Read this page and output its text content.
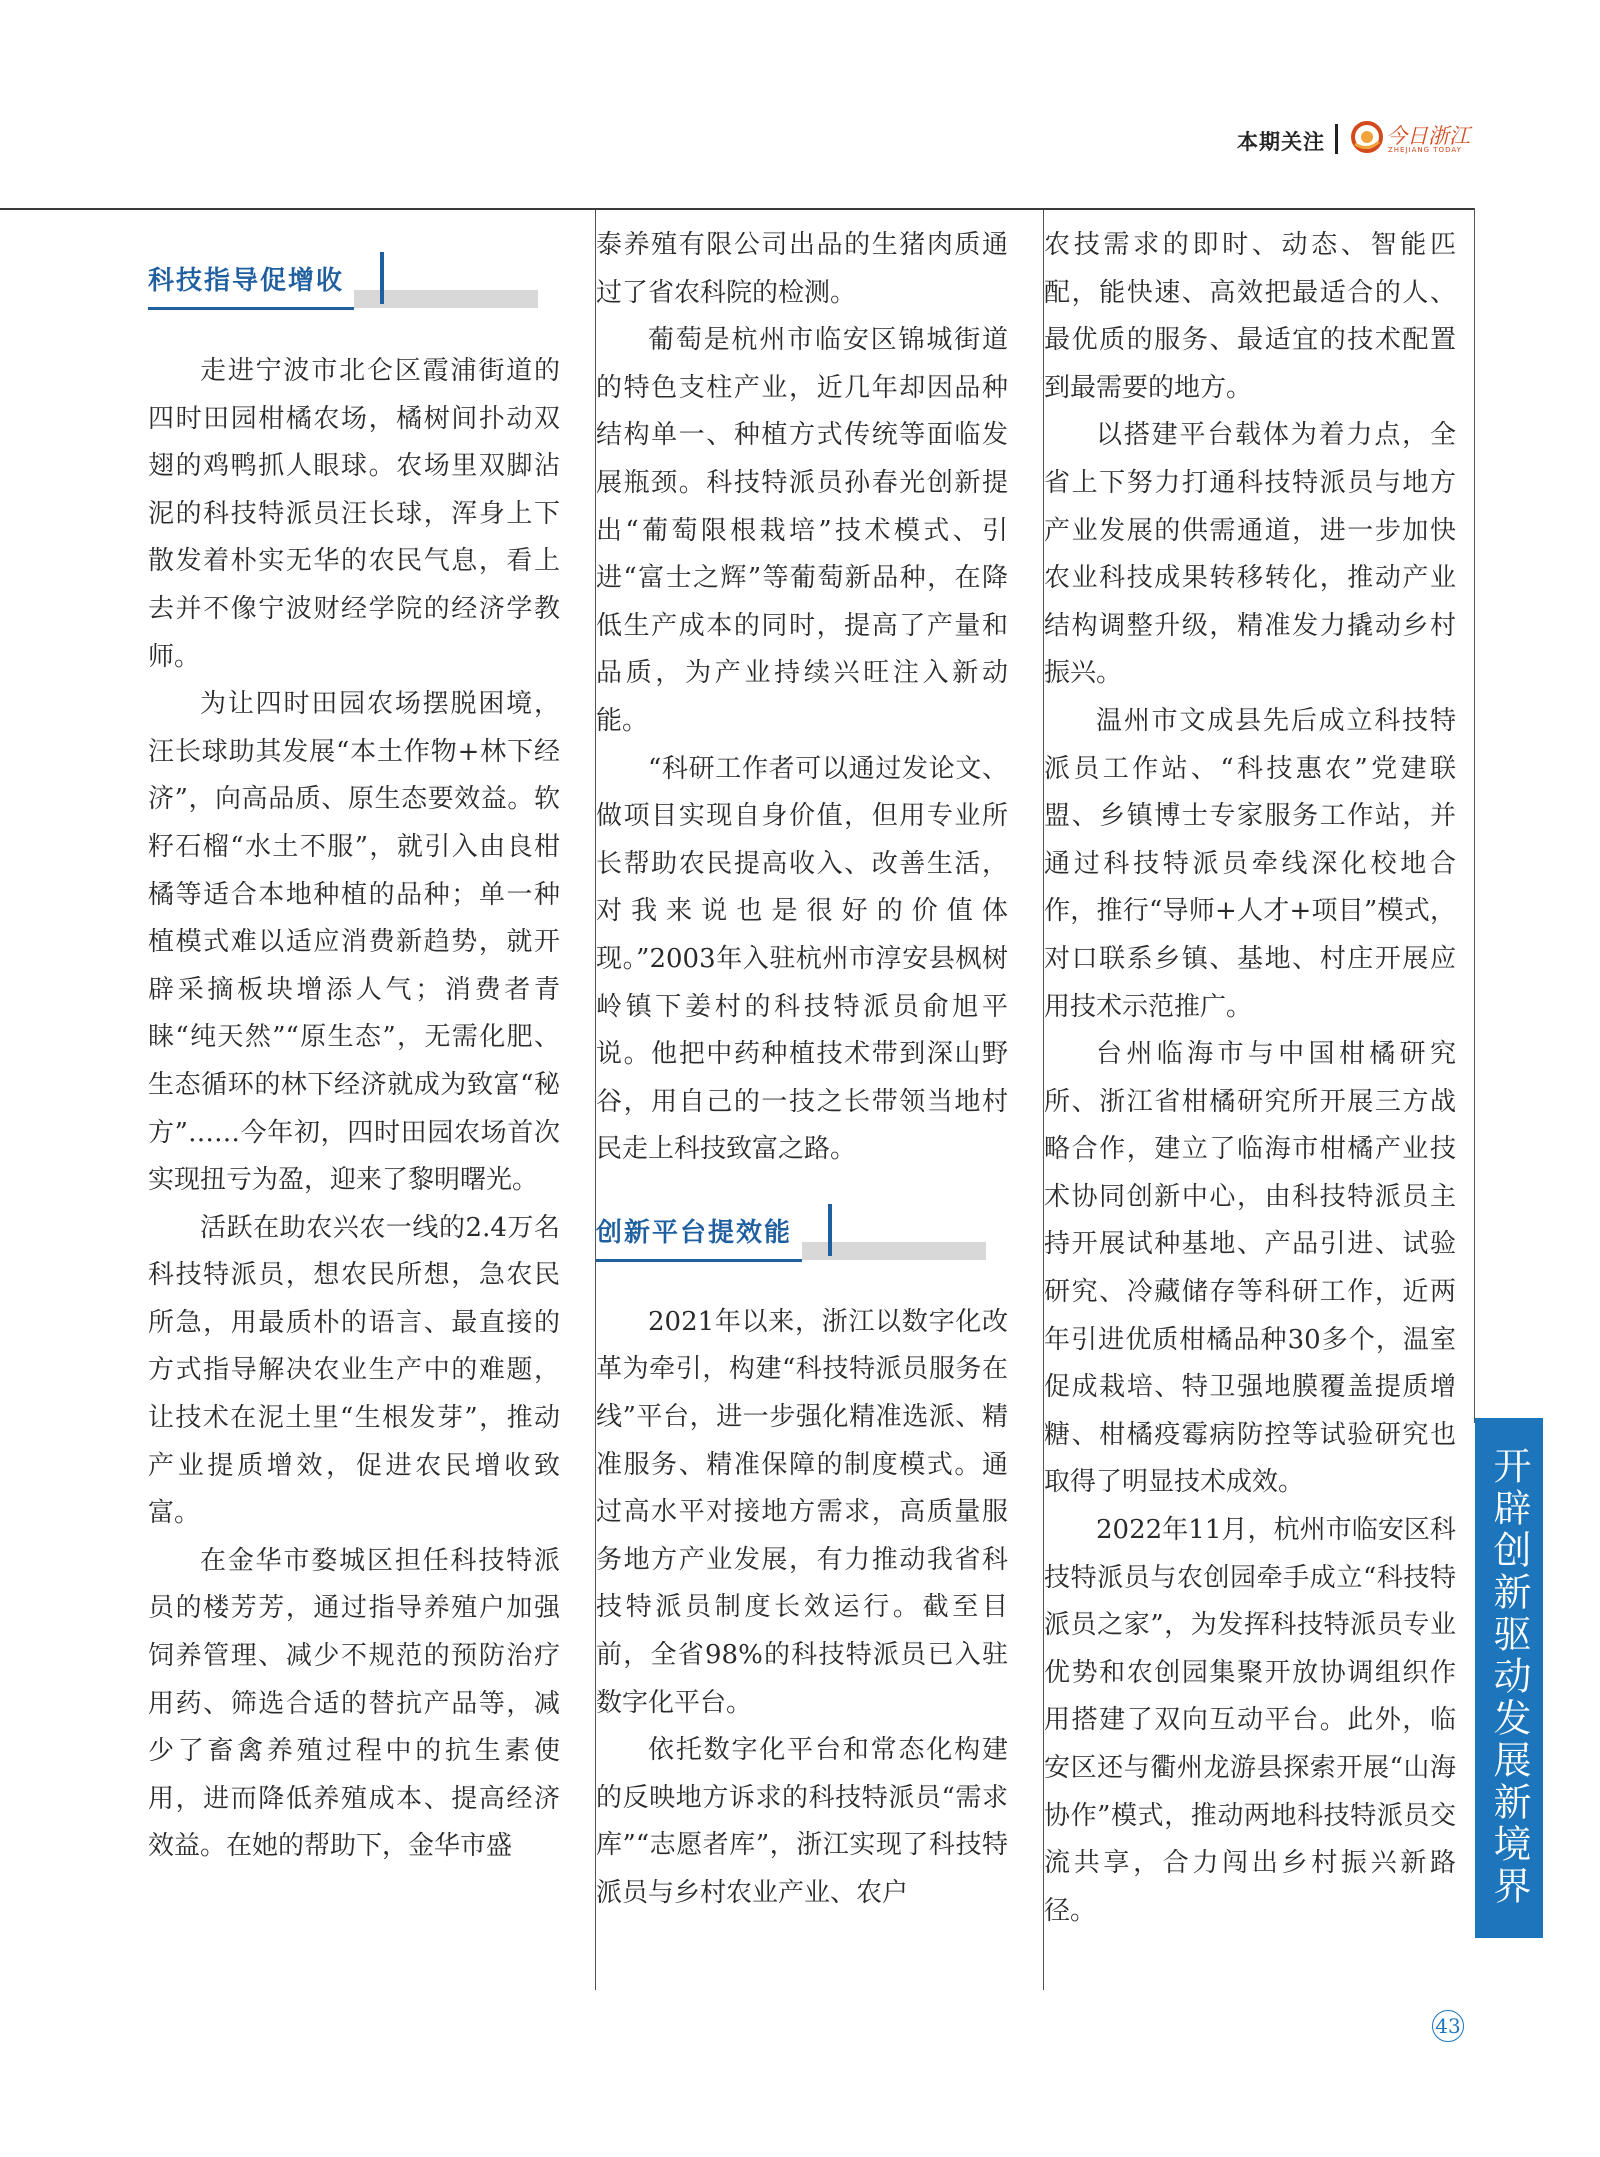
本期关注	今日浙江
ZHEJIANG TODAY
科技指导促增收

走进宁波市北仑区霞浦街道的四时田园柑橘农场，橘树间扑动双翅的鸡鸭抓人眼球。农场里双脚沾泥的科技特派员汪长球，浑身上下散发着朴实无华的农民气息，看上去并不像宁波财经学院的经济学教师。

为让四时田园农场摆脱困境，汪长球助其发展“本土作物+林下经济”，向高品质、原生态要效益。软籽石榴“水土不服”，就引入由良柑橘等适合本地种植的品种；单一种植模式难以适应消费新趋势，就开辟采摘板块增添人气；消费者青睐“纯天然”“原生态”，无需化肥、生态循环的林下经济就成为致富“秘方”……今年初，四时田园农场首次实现扭亏为盈，迎来了黎明曙光。

活跃在助农兴农一线的2.4万名科技特派员，想农民所想，急农民所急，用最质朴的语言、最直接的方式指导解决农业生产中的难题，让技术在泥土里“生根发芽”，推动产业提质增效，促进农民增收致富。

在金华市婺城区担任科技特派员的楼芳芳，通过指导养殖户加强饲养管理、减少不规范的预防治疗用药、筛选合适的替抗产品等，减少了畜禽养殖过程中的抗生素使用，进而降低养殖成本、提高经济效益。在她的帮助下，金华市盛

泰养殖有限公司出品的生猪肉质通过了省农科院的检测。

葡萄是杭州市临安区锦城街道的特色支柱产业，近几年却因品种结构单一、种植方式传统等面临发展瓶颈。科技特派员孙春光创新提出“葡萄限根栽培”技术模式、引进“富士之辉”等葡萄新品种，在降低生产成本的同时，提高了产量和品质，为产业持续兴旺注入新动能。

“科研工作者可以通过发论文、做项目实现自身价值，但用专业所长帮助农民提高收入、改善生活，对我来说也是很好的价值体现。”2003年入驻杭州市淳安县枫树岭镇下姜村的科技特派员俞旭平说。他把中药种植技术带到深山野谷，用自己的一技之长带领当地村民走上科技致富之路。

创新平台提效能

2021年以来，浙江以数字化改革为牵引，构建“科技特派员服务在线”平台，进一步强化精准选派、精准服务、精准保障的制度模式。通过高水平对接地方需求，高质量服务地方产业发展，有力推动我省科技特派员制度长效运行。截至目前，全省98%的科技特派员已入驻数字化平台。

依托数字化平台和常态化构建的反映地方诉求的科技特派员“需求库”“志愿者库”，浙江实现了科技特派员与乡村农业产业、农户

农技需求的即时、动态、智能匹配，能快速、高效把最适合的人、最优质的服务、最适宜的技术配置到最需要的地方。

以搭建平台载体为着力点，全省上下努力打通科技特派员与地方产业发展的供需通道，进一步加快农业科技成果转移转化，推动产业结构调整升级，精准发力撬动乡村振兴。

温州市文成县先后成立科技特派员工作站、“科技惠农”党建联盟、乡镇博士专家服务工作站，并通过科技特派员牵线深化校地合作，推行“导师+人才+项目”模式，对口联系乡镇、基地、村庄开展应用技术示范推广。

台州临海市与中国柑橘研究所、浙江省柑橘研究所开展三方战略合作，建立了临海市柑橘产业技术协同创新中心，由科技特派员主持开展试种基地、产品引进、试验研究、冷藏储存等科研工作，近两年引进优质柑橘品种30多个，温室促成栽培、特卫强地膜覆盖提质增糖、柑橘疫霉病防控等试验研究也取得了明显技术成效。

2022年11月，杭州市临安区科技特派员与农创园牵手成立“科技特派员之家”，为发挥科技特派员专业优势和农创园集聚开放协调组织作用搭建了双向互动平台。此外，临安区还与衢州龙游县探索开展“山海协作”模式，推动两地科技特派员交流共享，合力闯出乡村振兴新路径。

开辟创新驱动发展新境界
43
